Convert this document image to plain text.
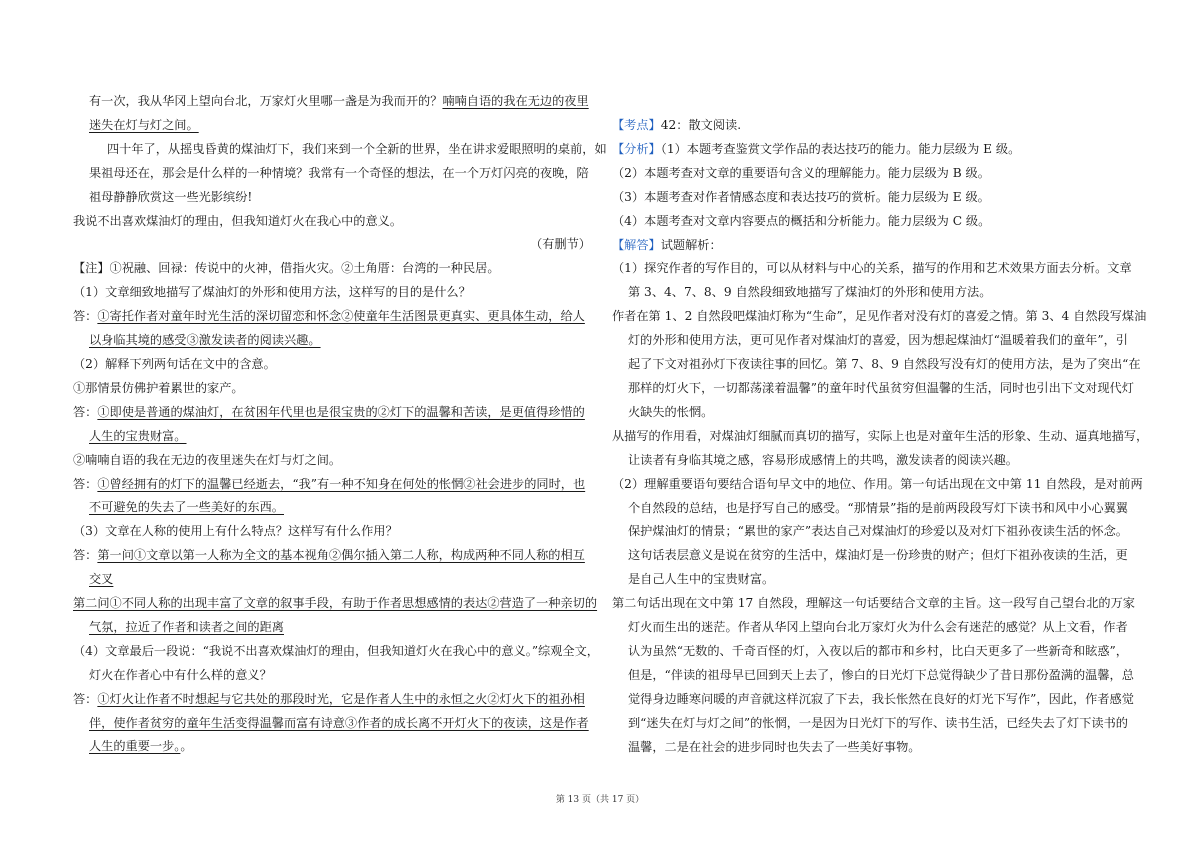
有一次，我从华冈上望向台北，万家灯火里哪一盏是为我而开的？喃喃自语的我在无边的夜里

迷失在灯与灯之间。

四十年了，从摇曳昏黄的煤油灯下，我们来到一个全新的世界，坐在讲求爱眼照明的桌前，如

果祖母还在，那会是什么样的一种情境？我常有一个奇怪的想法，在一个万灯闪亮的夜晚，陪

祖母静静欣赏这一些光影缤纷!

我说不出喜欢煤油灯的理由，但我知道灯火在我心中的意义。

（有删节）

【注】①祝融、回禄：传说中的火神，借指火灾。②土角厝：台湾的一种民居。

（1）文章细致地描写了煤油灯的外形和使用方法，这样写的目的是什么？

答：①寄托作者对童年时光生活的深切留恋和怀念②使童年生活图景更真实、更具体生动，给人

以身临其境的感受③激发读者的阅读兴趣。

（2）解释下列两句话在文中的含意。

①那情景仿佛护着累世的家产。

答：①即使是普通的煤油灯，在贫困年代里也是很宝贵的②灯下的温馨和苦读，是更值得珍惜的

人生的宝贵财富。

②喃喃自语的我在无边的夜里迷失在灯与灯之间。

答：①曾经拥有的灯下的温馨已经逝去，“我”有一种不知身在何处的怅惘②社会进步的同时，也

不可避免的失去了一些美好的东西。

（3）文章在人称的使用上有什么特点？这样写有什么作用？

答：第一问①文章以第一人称为全文的基本视角②偶尔插入第二人称，构成两种不同人称的相互

交叉

第二问①不同人称的出现丰富了文章的叙事手段，有助于作者思想感情的表达②营造了一种亲切的

气氛，拉近了作者和读者之间的距离

（4）文章最后一段说：“我说不出喜欢煤油灯的理由，但我知道灯火在我心中的意义。”综观全文，

灯火在作者心中有什么样的意义？

答：①灯火让作者不时想起与它共处的那段时光，它是作者人生中的永恒之火②灯火下的祖孙相

伴，使作者贫穷的童年生活变得温馨而富有诗意③作者的成长离不开灯火下的夜读，这是作者

人生的重要一步。。

【考点】42：散文阅读.

【分析】（1）本题考查鉴赏文学作品的表达技巧的能力。能力层级为 E 级。

（2）本题考查对文章的重要语句含义的理解能力。能力层级为 B 级。

（3）本题考查对作者情感态度和表达技巧的赏析。能力层级为 E 级。

（4）本题考查对文章内容要点的概括和分析能力。能力层级为 C 级。

【解答】试题解析：

（1）探究作者的写作目的，可以从材料与中心的关系，描写的作用和艺术效果方面去分析。文章

第 3、4、7、8、9 自然段细致地描写了煤油灯的外形和使用方法。

作者在第 1、2 自然段吧煤油灯称为“生命”，足见作者对没有灯的喜爱之情。第 3、4 自然段写煤油

灯的外形和使用方法，更可见作者对煤油灯的喜爱，因为想起煤油灯“温暖着我们的童年”，引

起了下文对祖孙灯下夜读往事的回忆。第 7、8、9 自然段写没有灯的使用方法，是为了突出“在

那样的灯火下，一切都荡漾着温馨”的童年时代虽贫穷但温馨的生活，同时也引出下文对现代灯

火缺失的怅惘。

从描写的作用看，对煤油灯细腻而真切的描写，实际上也是对童年生活的形象、生动、逼真地描写，

让读者有身临其境之感，容易形成感情上的共鸣，激发读者的阅读兴趣。

（2）理解重要语句要结合语句早文中的地位、作用。第一句话出现在文中第 11 自然段，是对前两

个自然段的总结，也是抒写自己的感受。“那情景”指的是前两段段写灯下读书和风中小心翼翼

保护煤油灯的情景；“累世的家产”表达自己对煤油灯的珍爱以及对灯下祖孙夜读生活的怀念。

这句话表层意义是说在贫穷的生活中，煤油灯是一份珍贵的财产；但灯下祖孙夜读的生活，更

是自己人生中的宝贵财富。

第二句话出现在文中第 17 自然段，理解这一句话要结合文章的主旨。这一段写自己望台北的万家

灯火而生出的迷茫。作者从华冈上望向台北万家灯火为什么会有迷茫的感觉？从上文看，作者

认为虽然“无数的、千奇百怪的灯，入夜以后的都市和乡村，比白天更多了一些新奇和眩惑”，

但是，“伴读的祖母早已回到天上去了，惨白的日光灯下总觉得缺少了昔日那份盈满的温馨，总

觉得身边睡寒问暖的声音就这样沉寂了下去，我长怅然在良好的灯光下写作”，因此，作者感觉

到“迷失在灯与灯之间”的怅惘，一是因为日光灯下的写作、读书生活，已经失去了灯下读书的

温馨，二是在社会的进步同时也失去了一些美好事物。

第 13 页（共 17 页）
